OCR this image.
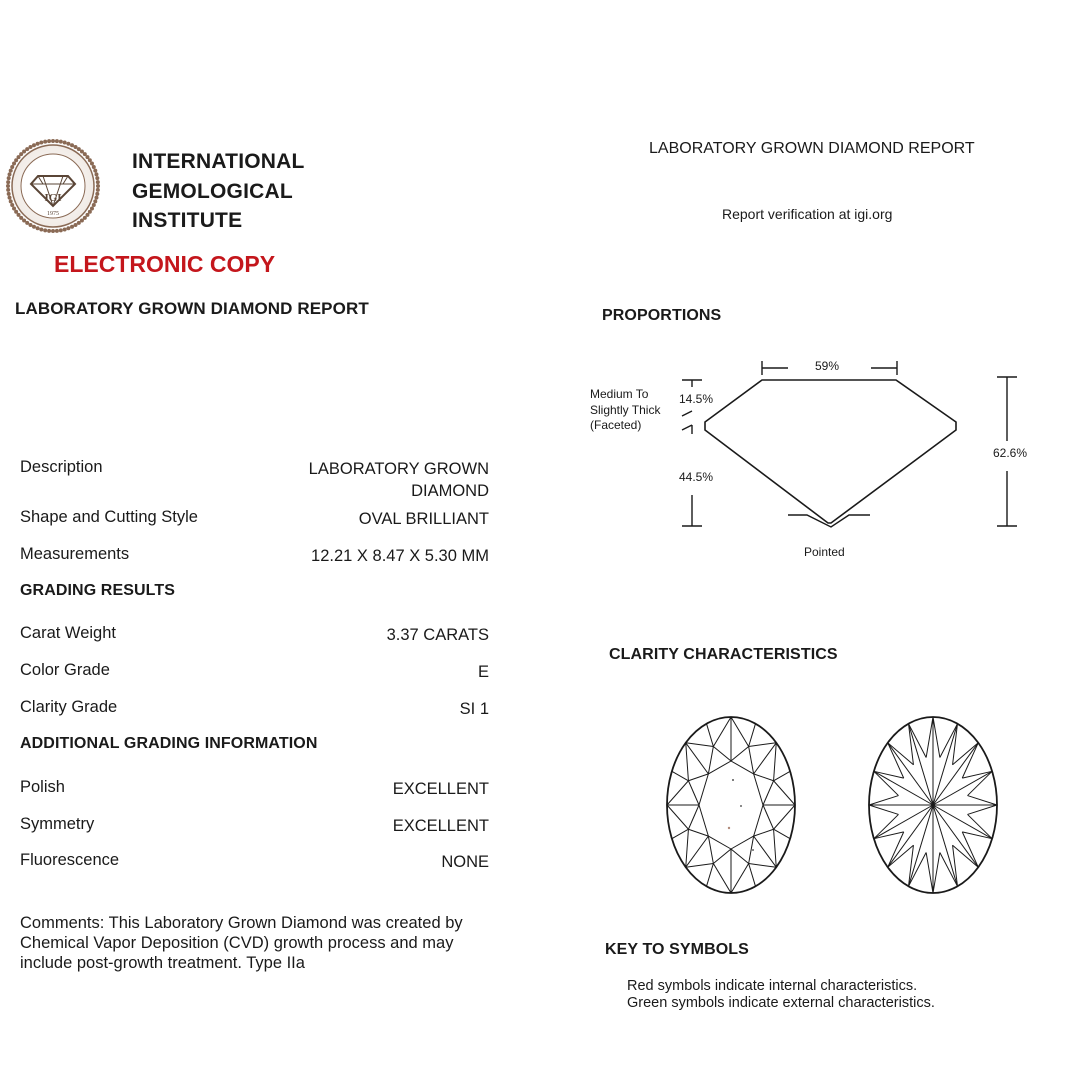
IGI
1975
INTERNATIONAL
GEMOLOGICAL
INSTITUTE
ELECTRONIC COPY
LABORATORY GROWN DIAMOND REPORT
Description	LABORATORY GROWN DIAMOND
Shape and Cutting Style	OVAL BRILLIANT
Measurements	12.21 X 8.47 X 5.30 MM
GRADING RESULTS
Carat Weight	3.37 CARATS
Color Grade	E
Clarity Grade	SI 1
ADDITIONAL GRADING INFORMATION
Polish	EXCELLENT
Symmetry	EXCELLENT
Fluorescence	NONE
Comments: This Laboratory Grown Diamond was created by Chemical Vapor Deposition (CVD) growth process and may include post-growth treatment. Type IIa
LABORATORY GROWN DIAMOND REPORT
Report verification at igi.org
PROPORTIONS
59%
14.5%
44.5%
62.6%
Medium To
Slightly Thick
(Faceted)
Pointed
CLARITY CHARACTERISTICS
KEY TO SYMBOLS
Red symbols indicate internal characteristics.
Green symbols indicate external characteristics.
